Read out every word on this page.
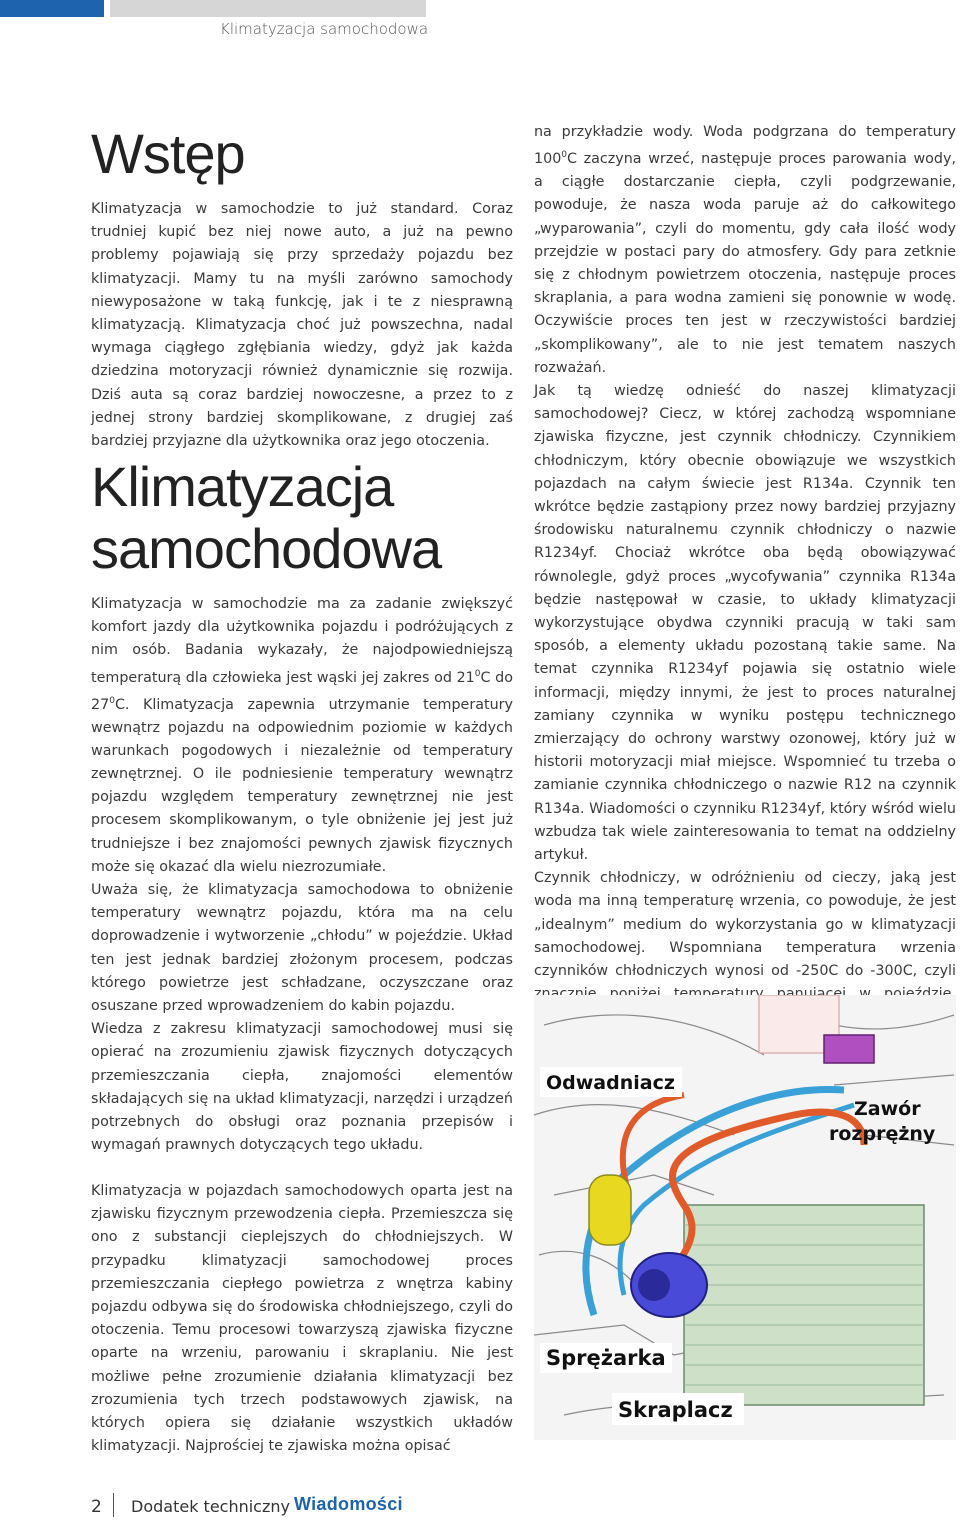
Klimatyzacja samochodowa
Wstęp

Klimatyzacja w samochodzie to już standard. Coraz trudniej kupić bez niej nowe auto, a już na pewno problemy pojawiają się przy sprzedaży pojazdu bez klimatyzacji. Mamy tu na myśli zarówno samochody niewyposażone w taką funkcję, jak i te z niesprawną klimatyzacją. Klimatyzacja choć już powszechna, nadal wymaga ciągłego zgłębiania wiedzy, gdyż jak każda dziedzina motoryzacji również dynamicznie się rozwija. Dziś auta są coraz bardziej nowoczesne, a przez to z jednej strony bardziej skomplikowane, z drugiej zaś bardziej przyjazne dla użytkownika oraz jego otoczenia.

Klimatyzacja
samochodowa

Klimatyzacja w samochodzie ma za zadanie zwiększyć komfort jazdy dla użytkownika pojazdu i podróżujących z nim osób. Badania wykazały, że najodpowiedniejszą temperaturą dla człowieka jest wąski jej zakres od $21^0C$ do $27^0C$. Klimatyzacja zapewnia utrzymanie temperatury wewnątrz pojazdu na odpowiednim poziomie w każdych warunkach pogodowych i niezależnie od temperatury zewnętrznej. O ile podniesienie temperatury wewnątrz pojazdu względem temperatury zewnętrznej nie jest procesem skomplikowanym, o tyle obniżenie jej jest już trudniejsze i bez znajomości pewnych zjawisk fizycznych może się okazać dla wielu niezrozumiałe.

Uważa się, że klimatyzacja samochodowa to obniżenie temperatury wewnątrz pojazdu, która ma na celu doprowadzenie i wytworzenie „chłodu” w pojeździe. Układ ten jest jednak bardziej złożonym procesem, podczas którego powietrze jest schładzane, oczyszczane oraz osuszane przed wprowadzeniem do kabin pojazdu.

Wiedza z zakresu klimatyzacji samochodowej musi się opierać na zrozumieniu zjawisk fizycznych dotyczących przemieszczania ciepła, znajomości elementów składających się na układ klimatyzacji, narzędzi i urządzeń potrzebnych do obsługi oraz poznania przepisów i wymagań prawnych dotyczących tego układu.

Klimatyzacja w pojazdach samochodowych oparta jest na zjawisku fizycznym przewodzenia ciepła. Przemieszcza się ono z substancji cieplejszych do chłodniejszych. W przypadku klimatyzacji samochodowej proces przemieszczania ciepłego powietrza z wnętrza kabiny pojazdu odbywa się do środowiska chłodniejszego, czyli do otoczenia. Temu procesowi towarzyszą zjawiska fizyczne oparte na wrzeniu, parowaniu i skraplaniu. Nie jest możliwe pełne zrozumienie działania klimatyzacji bez zrozumienia tych trzech podstawowych zjawisk, na których opiera się działanie wszystkich układów klimatyzacji. Najprościej te zjawiska można opisać

na przykładzie wody. Woda podgrzana do temperatury $100^0C$ zaczyna wrzeć, następuje proces parowania wody, a ciągłe dostarczanie ciepła, czyli podgrzewanie, powoduje, że nasza woda paruje aż do całkowitego „wyparowania”, czyli do momentu, gdy cała ilość wody przejdzie w postaci pary do atmosfery. Gdy para zetknie się z chłodnym powietrzem otoczenia, następuje proces skraplania, a para wodna zamieni się ponownie w wodę. Oczywiście proces ten jest w rzeczywistości bardziej „skomplikowany”, ale to nie jest tematem naszych rozważań.

Jak tą wiedzę odnieść do naszej klimatyzacji samochodowej? Ciecz, w której zachodzą wspomniane zjawiska fizyczne, jest czynnik chłodniczy. Czynnikiem chłodniczym, który obecnie obowiązuje we wszystkich pojazdach na całym świecie jest R134a. Czynnik ten wkrótce będzie zastąpiony przez nowy bardziej przyjazny środowisku naturalnemu czynnik chłodniczy o nazwie R1234yf. Chociaż wkrótce oba będą obowiązywać równolegle, gdyż proces „wycofywania” czynnika R134a będzie następował w czasie, to układy klimatyzacji wykorzystujące obydwa czynniki pracują w taki sam sposób, a elementy układu pozostaną takie same. Na temat czynnika R1234yf pojawia się ostatnio wiele informacji, między innymi, że jest to proces naturalnej zamiany czynnika w wyniku postępu technicznego zmierzający do ochrony warstwy ozonowej, który już w historii motoryzacji miał miejsce. Wspomnieć tu trzeba o zamianie czynnika chłodniczego o nazwie R12 na czynnik R134a. Wiadomości o czynniku R1234yf, który wśród wielu wzbudza tak wiele zainteresowania to temat na oddzielny artykuł.

Czynnik chłodniczy, w odróżnieniu od cieczy, jaką jest woda ma inną temperaturę wrzenia, co powoduje, że jest „idealnym” medium do wykorzystania go w klimatyzacji samochodowej. Wspomniana temperatura wrzenia czynników chłodniczych wynosi od -250C do -300C, czyli

Odwadniacz
Zawór
rozprężny
Sprężarka
Skraplacz
2 Dodatek techniczny Wiadomości
